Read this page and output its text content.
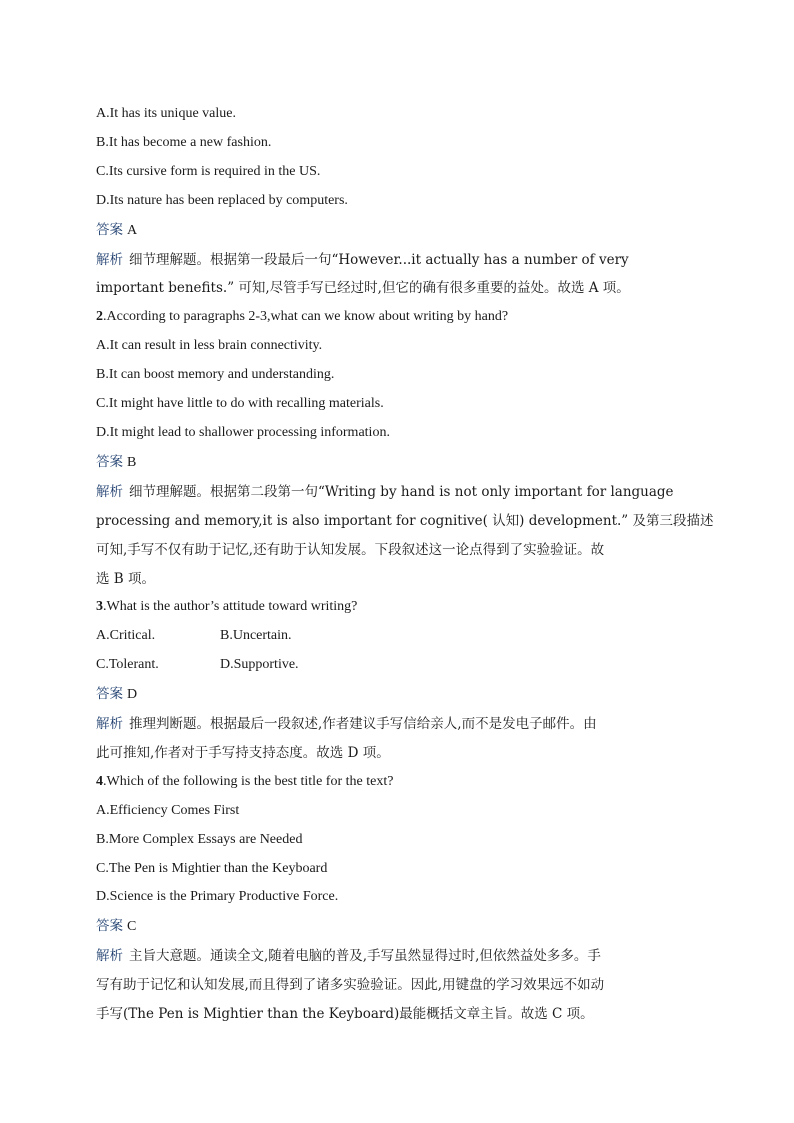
A.It has its unique value.

B.It has become a new fashion.

C.Its cursive form is required in the US.

D.Its nature has been replaced by computers.

答案 A

解析 细节理解题。根据第一段最后一句“However...it actually has a number of very

important benefits.” 可知,尽管手写已经过时,但它的确有很多重要的益处。故选 A 项。

2.According to paragraphs 2-3,what can we know about writing by hand?

A.It can result in less brain connectivity.

B.It can boost memory and understanding.

C.It might have little to do with recalling materials.

D.It might lead to shallower processing information.

答案 B

解析 细节理解题。根据第二段第一句“Writing by hand is not only important for language

processing and memory,it is also important for cognitive( 认知) development.” 及第三段描述

可知,手写不仅有助于记忆,还有助于认知发展。下段叙述这一论点得到了实验验证。故

选 B 项。

3.What is the author’s attitude toward writing?

A.Critical.	B.Uncertain.

C.Tolerant.	D.Supportive.

答案 D

解析 推理判断题。根据最后一段叙述,作者建议手写信给亲人,而不是发电子邮件。由

此可推知,作者对于手写持支持态度。故选 D 项。

4.Which of the following is the best title for the text?

A.Efficiency Comes First

B.More Complex Essays are Needed

C.The Pen is Mightier than the Keyboard

D.Science is the Primary Productive Force.

答案 C

解析 主旨大意题。通读全文,随着电脑的普及,手写虽然显得过时,但依然益处多多。手

写有助于记忆和认知发展,而且得到了诸多实验验证。因此,用键盘的学习效果远不如动

手写(The Pen is Mightier than the Keyboard)最能概括文章主旨。故选 C 项。
